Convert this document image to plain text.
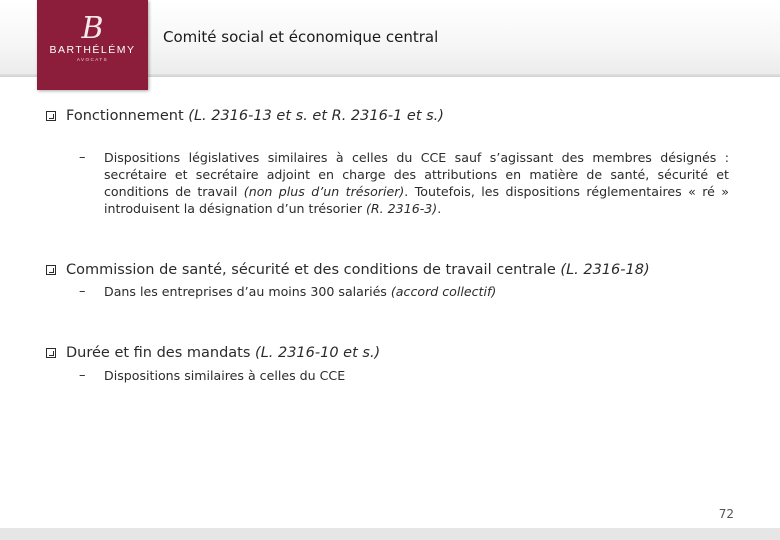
B
BARTHÉLÉMY
AVOCATS
Comité social et économique central
Fonctionnement (L. 2316-13 et s. et R. 2316-1 et s.)
– Dispositions législatives similaires à celles du CCE sauf s’agissant des membres désignés : secrétaire et secrétaire adjoint en charge des attributions en matière de santé, sécurité et conditions de travail (non plus d’un trésorier). Toutefois, les dispositions réglementaires « ré » introduisent la désignation d’un trésorier (R. 2316-3).
Commission de santé, sécurité et des conditions de travail centrale (L. 2316-18)
– Dans les entreprises d’au moins 300 salariés (accord collectif)
Durée et fin des mandats (L. 2316-10 et s.)
– Dispositions similaires à celles du CCE
72
